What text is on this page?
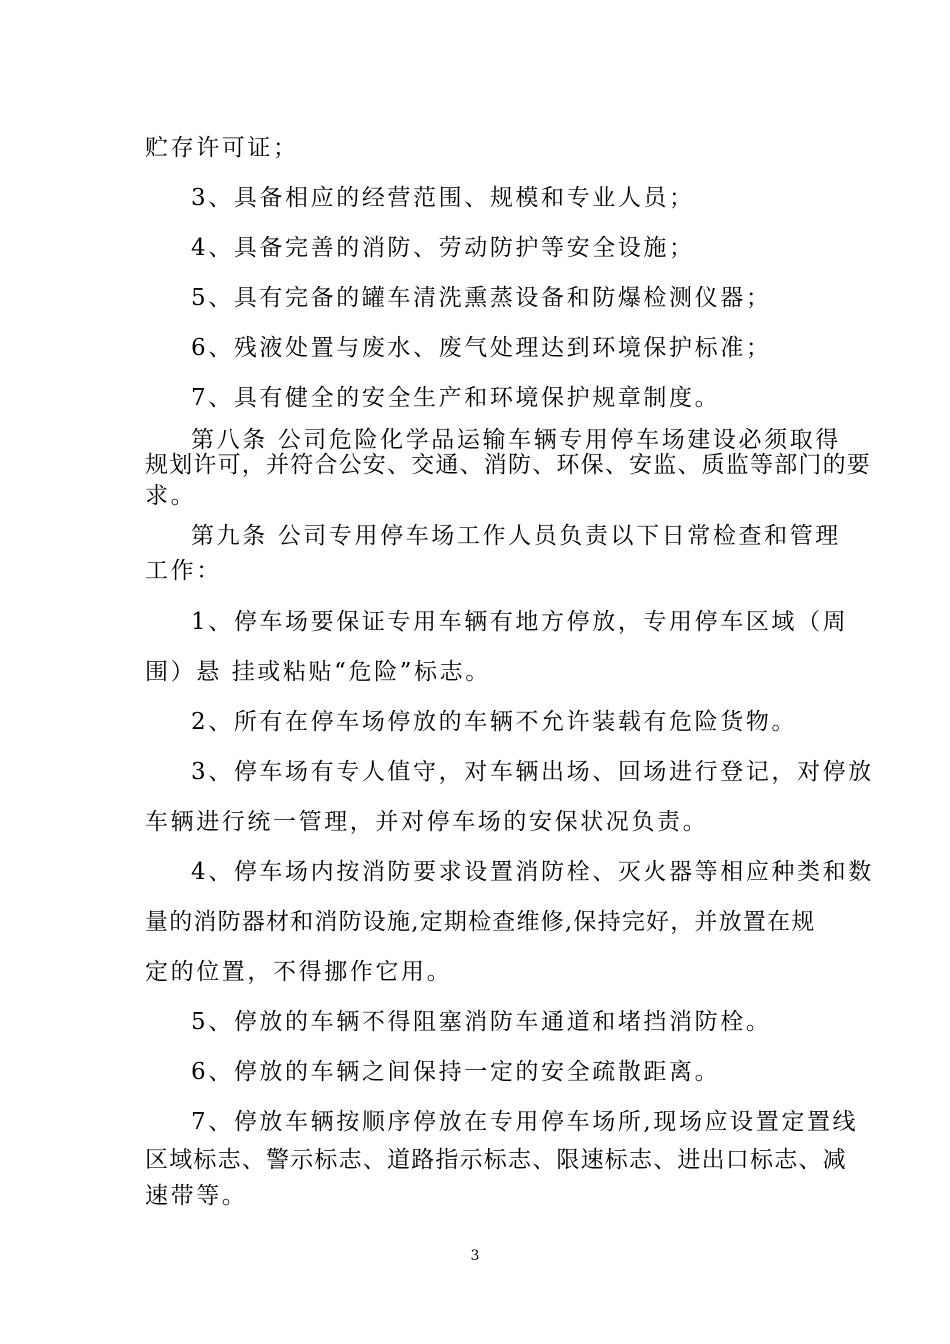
贮存许可证；
3、具备相应的经营范围、规模和专业人员；
4、具备完善的消防、劳动防护等安全设施；
5、具有完备的罐车清洗熏蒸设备和防爆检测仪器；
6、残液处置与废水、废气处理达到环境保护标准；
7、具有健全的安全生产和环境保护规章制度。
第八条 公司危险化学品运输车辆专用停车场建设必须取得
规划许可，并符合公安、交通、消防、环保、安监、质监等部门的要
求。
第九条 公司专用停车场工作人员负责以下日常检查和管理
工作：
1、停车场要保证专用车辆有地方停放，专用停车区域（周
围）悬 挂或粘贴“危险”标志。
2、所有在停车场停放的车辆不允许装载有危险货物。
3、停车场有专人值守，对车辆出场、回场进行登记，对停放
车辆进行统一管理，并对停车场的安保状况负责。
4、停车场内按消防要求设置消防栓、灭火器等相应种类和数
量的消防器材和消防设施,定期检查维修,保持完好，并放置在规
定的位置，不得挪作它用。
5、停放的车辆不得阻塞消防车通道和堵挡消防栓。
6、停放的车辆之间保持一定的安全疏散距离。
7、停放车辆按顺序停放在专用停车场所,现场应设置定置线
区域标志、警示标志、道路指示标志、限速标志、进出口标志、减
速带等。
3
